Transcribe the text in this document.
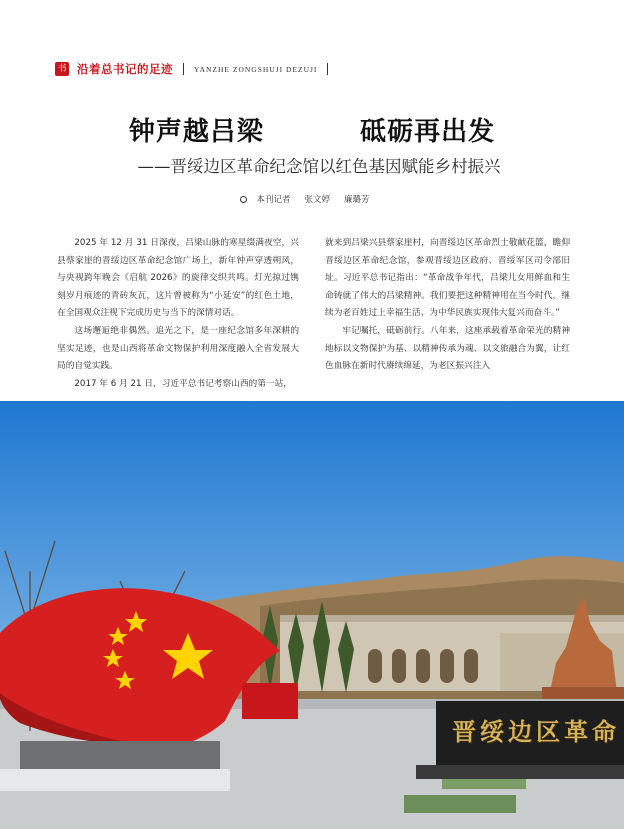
书 沿着总书记的足迹	YANZHE ZONGSHUJI DEZUJI
钟声越吕梁    砥砺再出发
——晋绥边区革命纪念馆以红色基因赋能乡村振兴
本刊记者 张文婷 廉璐芳

2025 年 12 月 31 日深夜，吕梁山脉的寒星缀满夜空，兴县蔡家崖的晋绥边区革命纪念馆广场上，新年钟声穿透朔风，与央视跨年晚会《启航 2026》的旋律交织共鸣。灯光掠过镌刻岁月痕迹的青砖灰瓦，这片曾被称为“小延安”的红色土地，在全国观众注视下完成历史与当下的深情对话。

这场邂逅绝非偶然。追光之下，是一座纪念馆多年深耕的坚实足迹，也是山西将革命文物保护利用深度融入全省发展大局的自觉实践。

2017 年 6 月 21 日，习近平总书记考察山西的第一站，

就来到吕梁兴县蔡家崖村，向晋绥边区革命烈士敬献花篮，瞻仰晋绥边区革命纪念馆，参观晋绥边区政府、晋绥军区司令部旧址。习近平总书记指出：“革命战争年代，吕梁儿女用鲜血和生命铸就了伟大的吕梁精神。我们要把这种精神用在当今时代，继续为老百姓过上幸福生活、为中华民族实现伟大复兴而奋斗。”

牢记嘱托，砥砺前行。八年来，这座承载着革命荣光的精神地标以文物保护为基、以精神传承为魂、以文旅融合为翼，让红色血脉在新时代赓续绵延，为老区振兴注入

晋绥边区革命
